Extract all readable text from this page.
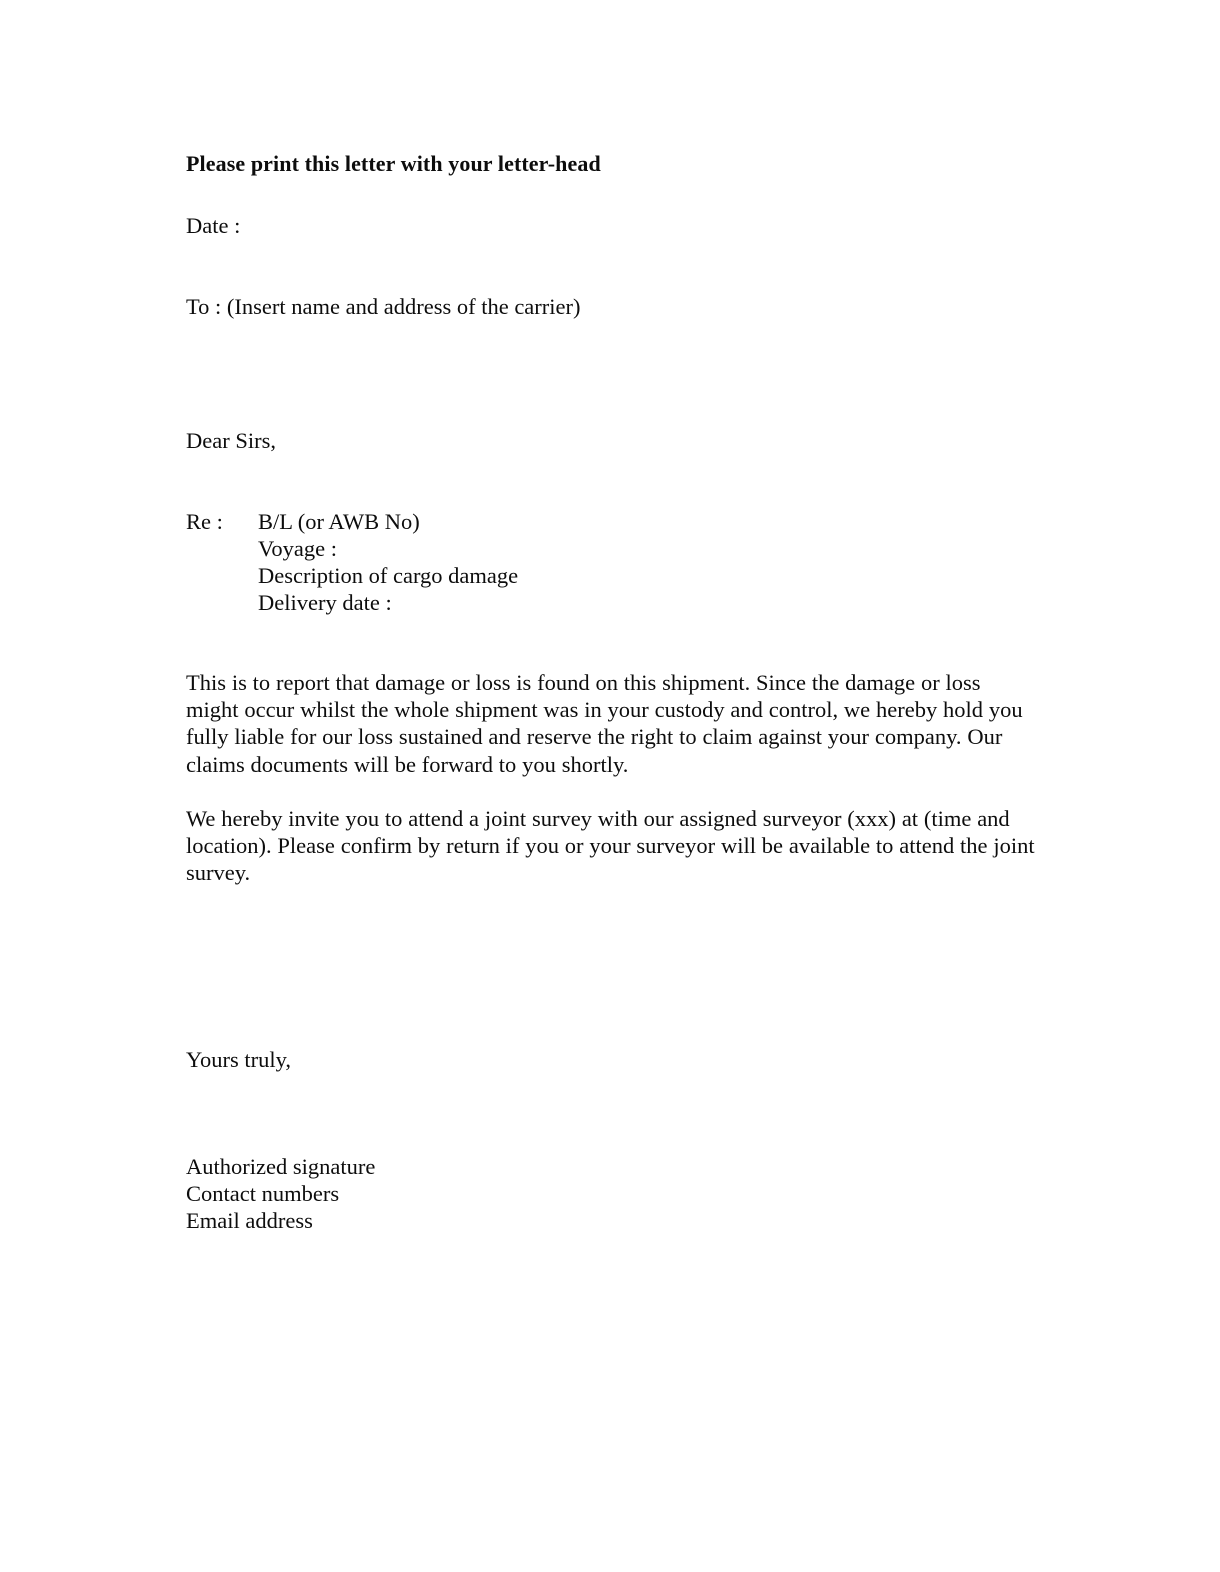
Please print this letter with your letter-head

Date :

To : (Insert name and address of the carrier)

Dear Sirs,

Re :	B/L (or AWB No)

Voyage :

Description of cargo damage

Delivery date :

This is to report that damage or loss is found on this shipment. Since the damage or loss might occur whilst the whole shipment was in your custody and control, we hereby hold you fully liable for our loss sustained and reserve the right to claim against your company. Our claims documents will be forward to you shortly.

We hereby invite you to attend a joint survey with our assigned surveyor (xxx) at (time and location). Please confirm by return if you or your surveyor will be available to attend the joint survey.

Yours truly,

Authorized signature

Contact numbers

Email address
